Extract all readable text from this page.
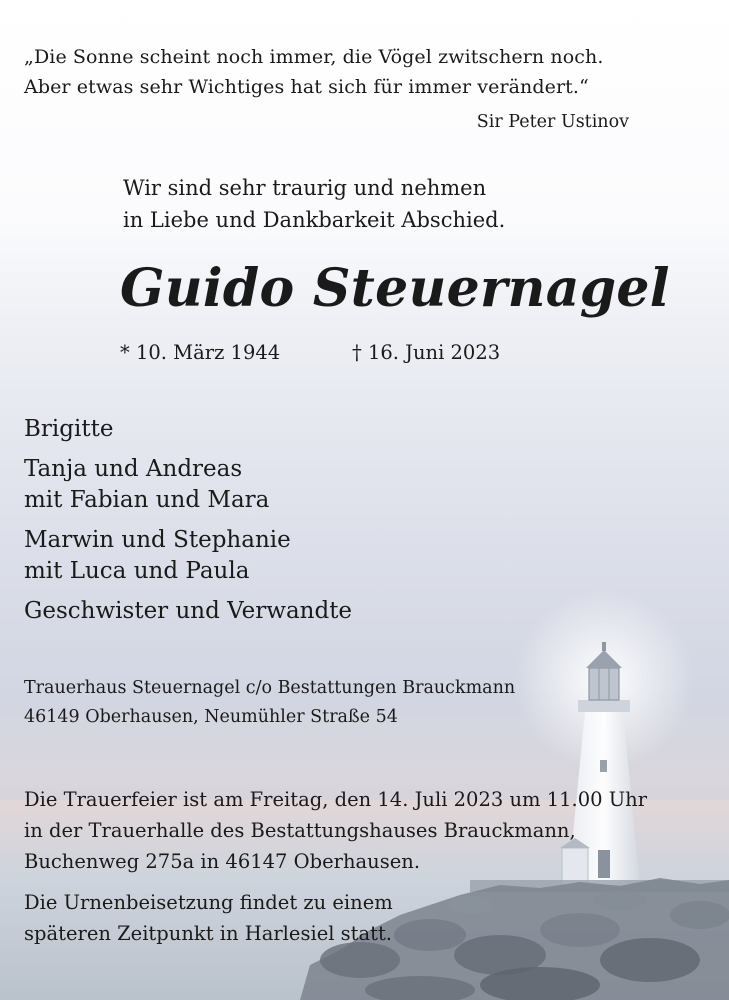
„Die Sonne scheint noch immer, die Vögel zwitschern noch.
Aber etwas sehr Wichtiges hat sich für immer verändert.“
Sir Peter Ustinov
Wir sind sehr traurig und nehmen
in Liebe und Dankbarkeit Abschied.
Guido Steuernagel
* 10. März 1944	† 16. Juni 2023
Brigitte
Tanja und Andreas
mit Fabian und Mara
Marwin und Stephanie
mit Luca und Paula
Geschwister und Verwandte
Trauerhaus Steuernagel c/o Bestattungen Brauckmann
46149 Oberhausen, Neumühler Straße 54
Die Trauerfeier ist am Freitag, den 14. Juli 2023 um 11.00 Uhr
in der Trauerhalle des Bestattungshauses Brauckmann,
Buchenweg 275a in 46147 Oberhausen.
Die Urnenbeisetzung findet zu einem
späteren Zeitpunkt in Harlesiel statt.
